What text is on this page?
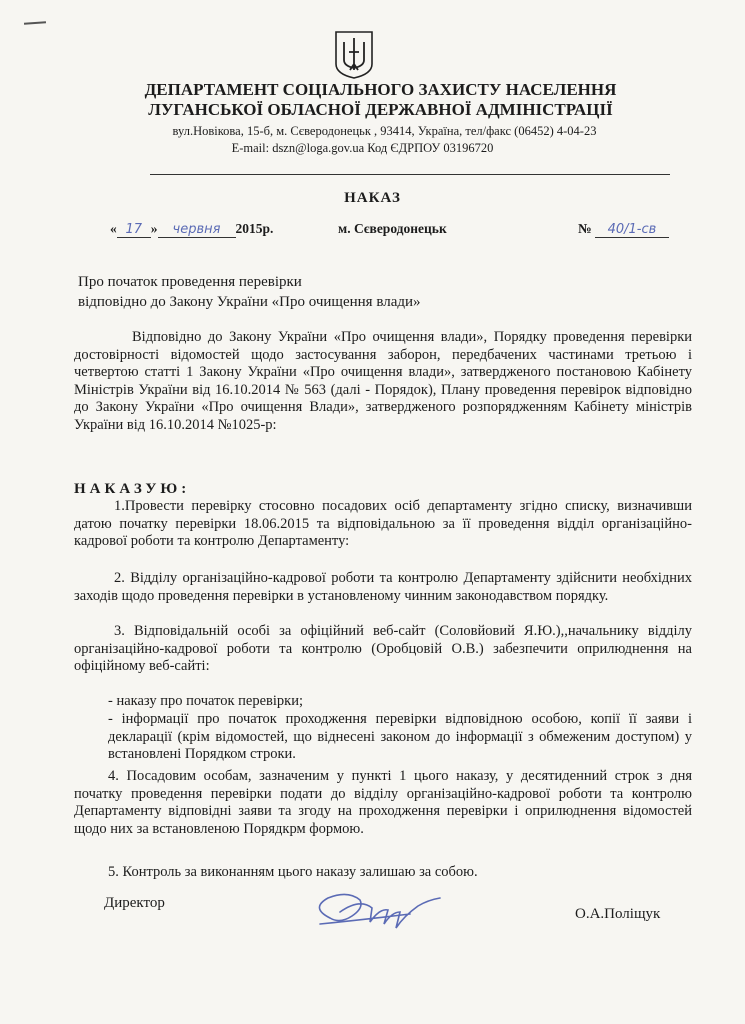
ДЕПАРТАМЕНТ СОЦІАЛЬНОГО ЗАХИСТУ НАСЕЛЕННЯ
ЛУГАНСЬКОЇ ОБЛАСНОЇ ДЕРЖАВНОЇ АДМІНІСТРАЦІЇ
вул.Новікова, 15-б, м. Сєверодонецьк , 93414, Україна, тел/факс (06452) 4-04-23
E-mail: dszn@loga.gov.ua Код ЄДРПОУ 03196720
НАКАЗ
« 17 » червня 2015р.	м. Сєверодонецьк	№ 40/1-св
Про початок проведення перевірки
відповідно до Закону України «Про очищення влади»
Відповідно до Закону України «Про очищення влади», Порядку проведення перевірки достовірності відомостей щодо застосування заборон, передбачених частинами третьою і четвертою статті 1 Закону України «Про очищення влади», затвердженого постановою Кабінету Міністрів України від 16.10.2014 № 563 (далі - Порядок), Плану проведення перевірок відповідно до Закону України «Про очищення Влади», затвердженого розпорядженням Кабінету міністрів України від 16.10.2014 №1025-р:
НАКАЗУЮ:
1.Провести перевірку стосовно посадових осіб департаменту згідно списку, визначивши датою початку перевірки 18.06.2015 та відповідальною за її проведення відділ організаційно-кадрової роботи та контролю Департаменту:
2. Відділу організаційно-кадрової роботи та контролю Департаменту здійснити необхідних заходів щодо проведення перевірки в установленому чинним законодавством порядку.
3. Відповідальній особі за офіційний веб-сайт (Соловйовий Я.Ю.),,начальнику відділу організаційно-кадрової роботи та контролю (Оробцовій О.В.) забезпечити оприлюднення на офіційному веб-сайті:
- наказу про початок перевірки;
- інформації про початок проходження перевірки відповідною особою, копії її заяви і декларації (крім відомостей, що віднесені законом до інформації з обмеженим доступом) у встановлені Порядком строки.
4. Посадовим особам, зазначеним у пункті 1 цього наказу, у десятиденний строк з дня початку проведення перевірки подати до відділу організаційно-кадрової роботи та контролю Департаменту відповідні заяви та згоду на проходження перевірки і оприлюднення відомостей щодо них за встановленою Порядкрм формою.
5. Контроль за виконанням цього наказу залишаю за собою.
Директор
О.А.Поліщук
